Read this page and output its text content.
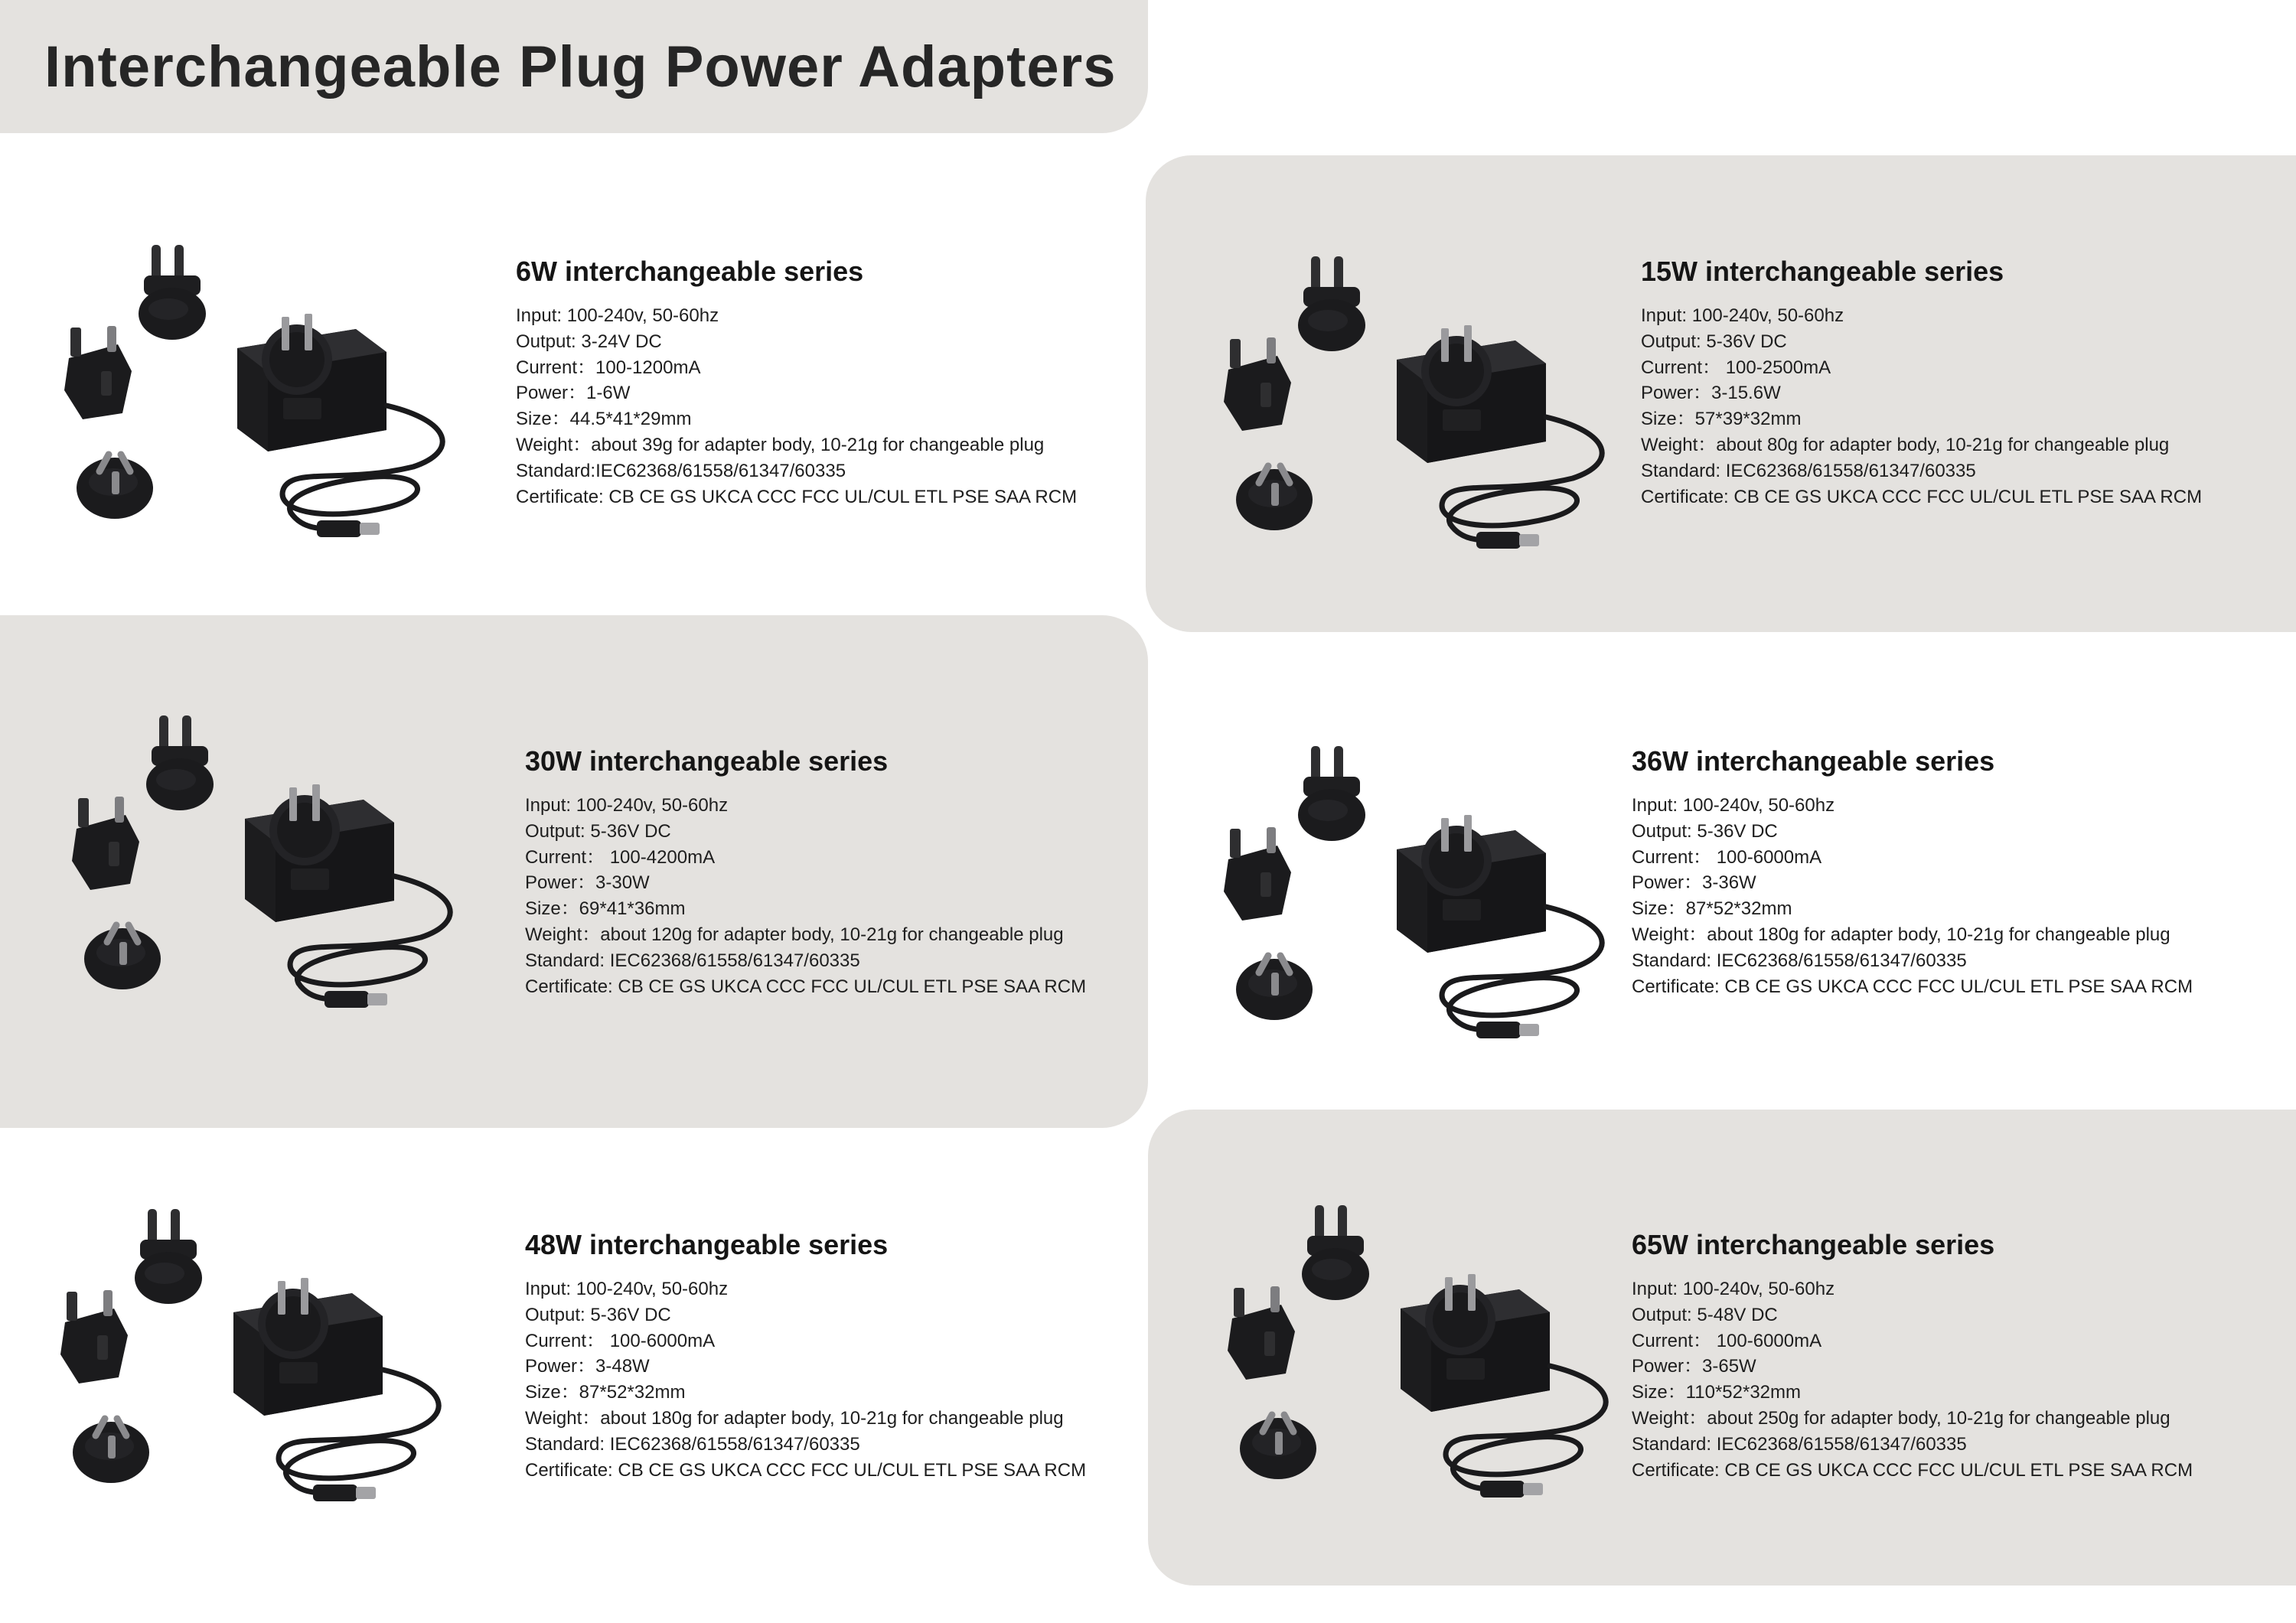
Interchangeable Plug Power Adapters
6W interchangeable series
Input: 100-240v, 50-60hz
Output: 3-24V DC
Current：100-1200mA
Power：1-6W
Size：44.5*41*29mm
Weight：about 39g for adapter body, 10-21g for changeable plug
Standard:IEC62368/61558/61347/60335
Certificate: CB CE GS UKCA CCC FCC UL/CUL ETL PSE SAA RCM
15W interchangeable series
Input: 100-240v, 50-60hz
Output: 5-36V DC
Current： 100-2500mA
Power：3-15.6W
Size：57*39*32mm
Weight：about 80g for adapter body, 10-21g for changeable plug
Standard: IEC62368/61558/61347/60335
Certificate: CB CE GS UKCA CCC FCC UL/CUL ETL PSE SAA RCM
30W interchangeable series
Input: 100-240v, 50-60hz
Output: 5-36V DC
Current： 100-4200mA
Power：3-30W
Size：69*41*36mm
Weight：about 120g for adapter body, 10-21g for changeable plug
Standard: IEC62368/61558/61347/60335
Certificate: CB CE GS UKCA CCC FCC UL/CUL ETL PSE SAA RCM
36W interchangeable series
Input: 100-240v, 50-60hz
Output: 5-36V DC
Current： 100-6000mA
Power：3-36W
Size：87*52*32mm
Weight：about 180g for adapter body, 10-21g for changeable plug
Standard: IEC62368/61558/61347/60335
Certificate: CB CE GS UKCA CCC FCC UL/CUL ETL PSE SAA RCM
48W interchangeable series
Input: 100-240v, 50-60hz
Output: 5-36V DC
Current： 100-6000mA
Power：3-48W
Size：87*52*32mm
Weight：about 180g for adapter body, 10-21g for changeable plug
Standard: IEC62368/61558/61347/60335
Certificate: CB CE GS UKCA CCC FCC UL/CUL ETL PSE SAA RCM
65W interchangeable series
Input: 100-240v, 50-60hz
Output: 5-48V DC
Current： 100-6000mA
Power：3-65W
Size：110*52*32mm
Weight：about 250g for adapter body, 10-21g for changeable plug
Standard: IEC62368/61558/61347/60335
Certificate: CB CE GS UKCA CCC FCC UL/CUL ETL PSE SAA RCM
